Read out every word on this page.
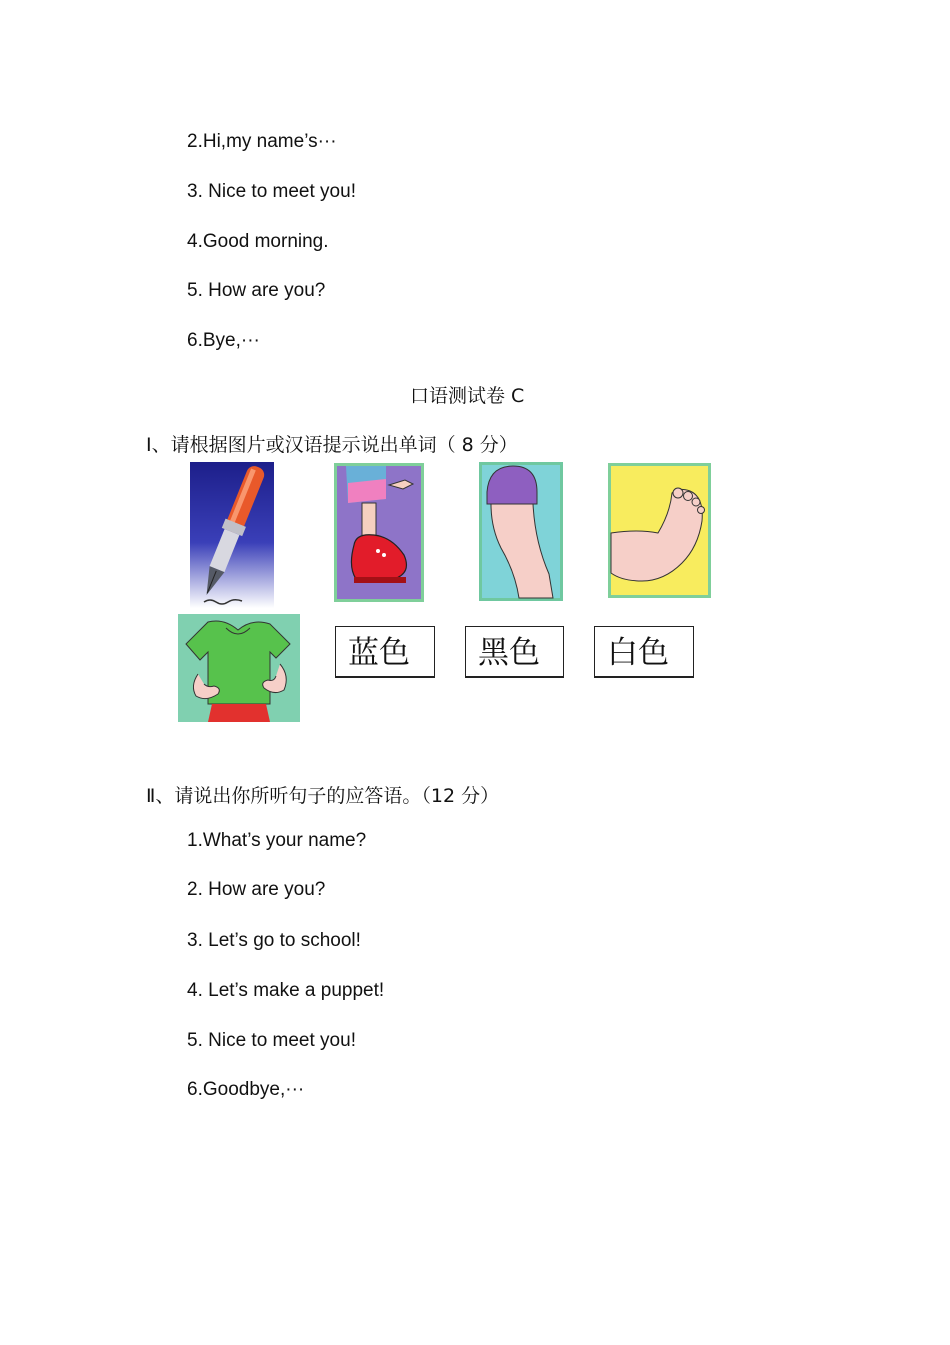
2.Hi,my name’s···
3. Nice to meet you!
4.Good morning.
5. How are you?
6.Bye,···
口语测试卷 C
Ⅰ、请根据图片或汉语提示说出单词（ 8 分）
蓝色	黑色	白色
Ⅱ、请说出你所听句子的应答语。（12 分）
1.What’s your name?
2. How are you?
3. Let’s go to school!
4. Let’s make a puppet!
5. Nice to meet you!
6.Goodbye,···
